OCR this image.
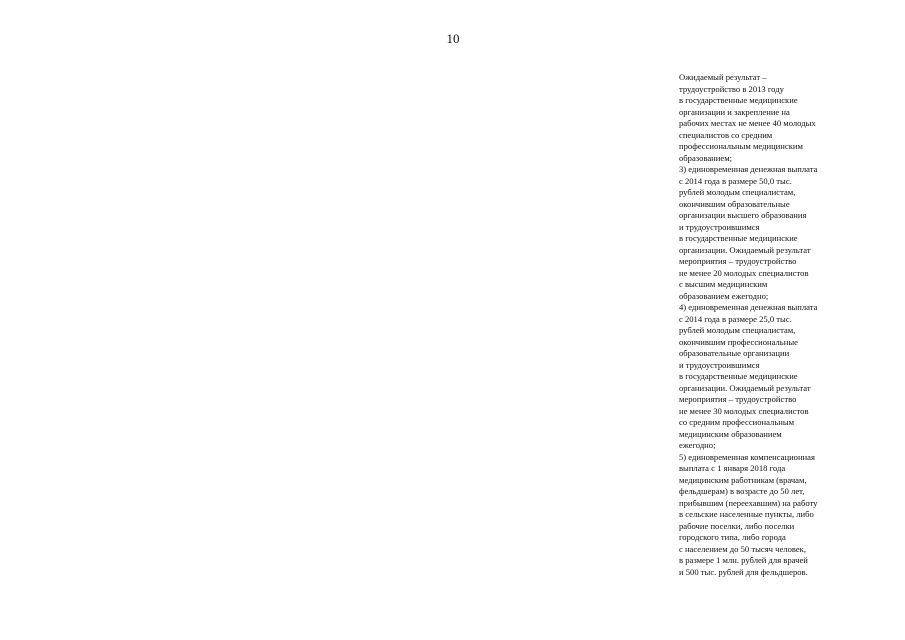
10
Ожидаемый результат –
трудоустройство в 2013 году
в государственные медицинские
организации и закрепление на
рабочих местах не менее 40 молодых
специалистов со средним
профессиональным медицинским
образованием;
3) единовременная денежная выплата
с 2014 года в размере 50,0 тыс.
рублей молодым специалистам,
окончившим образовательные
организации высшего образования
и трудоустроившимся
в государственные медицинские
организации. Ожидаемый результат
мероприятия – трудоустройство
не менее 20 молодых специалистов
с высшим медицинским
образованием ежегодно;
4) единовременная денежная выплата
с 2014 года в размере 25,0 тыс.
рублей молодым специалистам,
окончившим профессиональные
образовательные организации
и трудоустроившимся
в государственные медицинские
организации. Ожидаемый результат
мероприятия – трудоустройство
не менее 30 молодых специалистов
со средним профессиональным
медицинским образованием
ежегодно;
5) единовременная компенсационная
выплата с 1 января 2018 года
медицинским работникам (врачам,
фельдшерам) в возрасте до 50 лет,
прибывшим (переехавшим) на работу
в сельские населенные пункты, либо
рабочие поселки, либо поселки
городского типа, либо города
с населением до 50 тысяч человек,
в размере 1 млн. рублей для врачей
и 500 тыс. рублей для фельдшеров.
